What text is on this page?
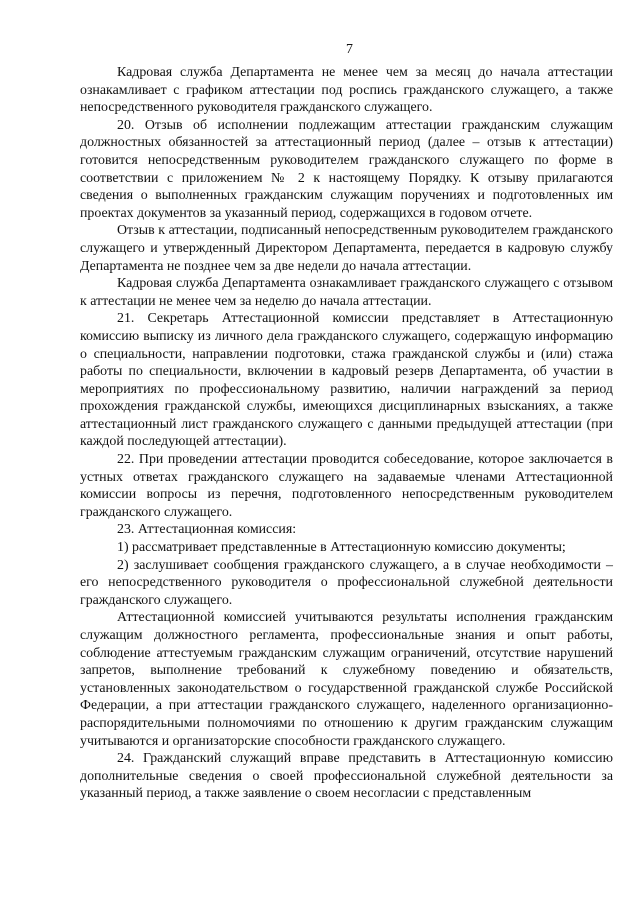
7

Кадровая служба Департамента не менее чем за месяц до начала аттестации ознакамливает с графиком аттестации под роспись гражданского служащего, а также непосредственного руководителя гражданского служащего.

20. Отзыв об исполнении подлежащим аттестации гражданским служащим должностных обязанностей за аттестационный период (далее – отзыв к аттестации) готовится непосредственным руководителем гражданского служащего по форме в соответствии с приложением № 2 к настоящему Порядку. К отзыву прилагаются сведения о выполненных гражданским служащим поручениях и подготовленных им проектах документов за указанный период, содержащихся в годовом отчете.

Отзыв к аттестации, подписанный непосредственным руководителем гражданского служащего и утвержденный Директором Департамента, передается в кадровую службу Департамента не позднее чем за две недели до начала аттестации.

Кадровая служба Департамента ознакамливает гражданского служащего с отзывом к аттестации не менее чем за неделю до начала аттестации.

21. Секретарь Аттестационной комиссии представляет в Аттестационную комиссию выписку из личного дела гражданского служащего, содержащую информацию о специальности, направлении подготовки, стажа гражданской службы и (или) стажа работы по специальности, включении в кадровый резерв Департамента, об участии в мероприятиях по профессиональному развитию, наличии награждений за период прохождения гражданской службы, имеющихся дисциплинарных взысканиях, а также аттестационный лист гражданского служащего с данными предыдущей аттестации (при каждой последующей аттестации).

22. При проведении аттестации проводится собеседование, которое заключается в устных ответах гражданского служащего на задаваемые членами Аттестационной комиссии вопросы из перечня, подготовленного непосредственным руководителем гражданского служащего.

23. Аттестационная комиссия:

1) рассматривает представленные в Аттестационную комиссию документы;

2) заслушивает сообщения гражданского служащего, а в случае необходимости – его непосредственного руководителя о профессиональной служебной деятельности гражданского служащего.

Аттестационной комиссией учитываются результаты исполнения гражданским служащим должностного регламента, профессиональные знания и опыт работы, соблюдение аттестуемым гражданским служащим ограничений, отсутствие нарушений запретов, выполнение требований к служебному поведению и обязательств, установленных законодательством о государственной гражданской службе Российской Федерации, а при аттестации гражданского служащего, наделенного организационно-распорядительными полномочиями по отношению к другим гражданским служащим учитываются и организаторские способности гражданского служащего.

24. Гражданский служащий вправе представить в Аттестационную комиссию дополнительные сведения о своей профессиональной служебной деятельности за указанный период, а также заявление о своем несогласии с представленным
